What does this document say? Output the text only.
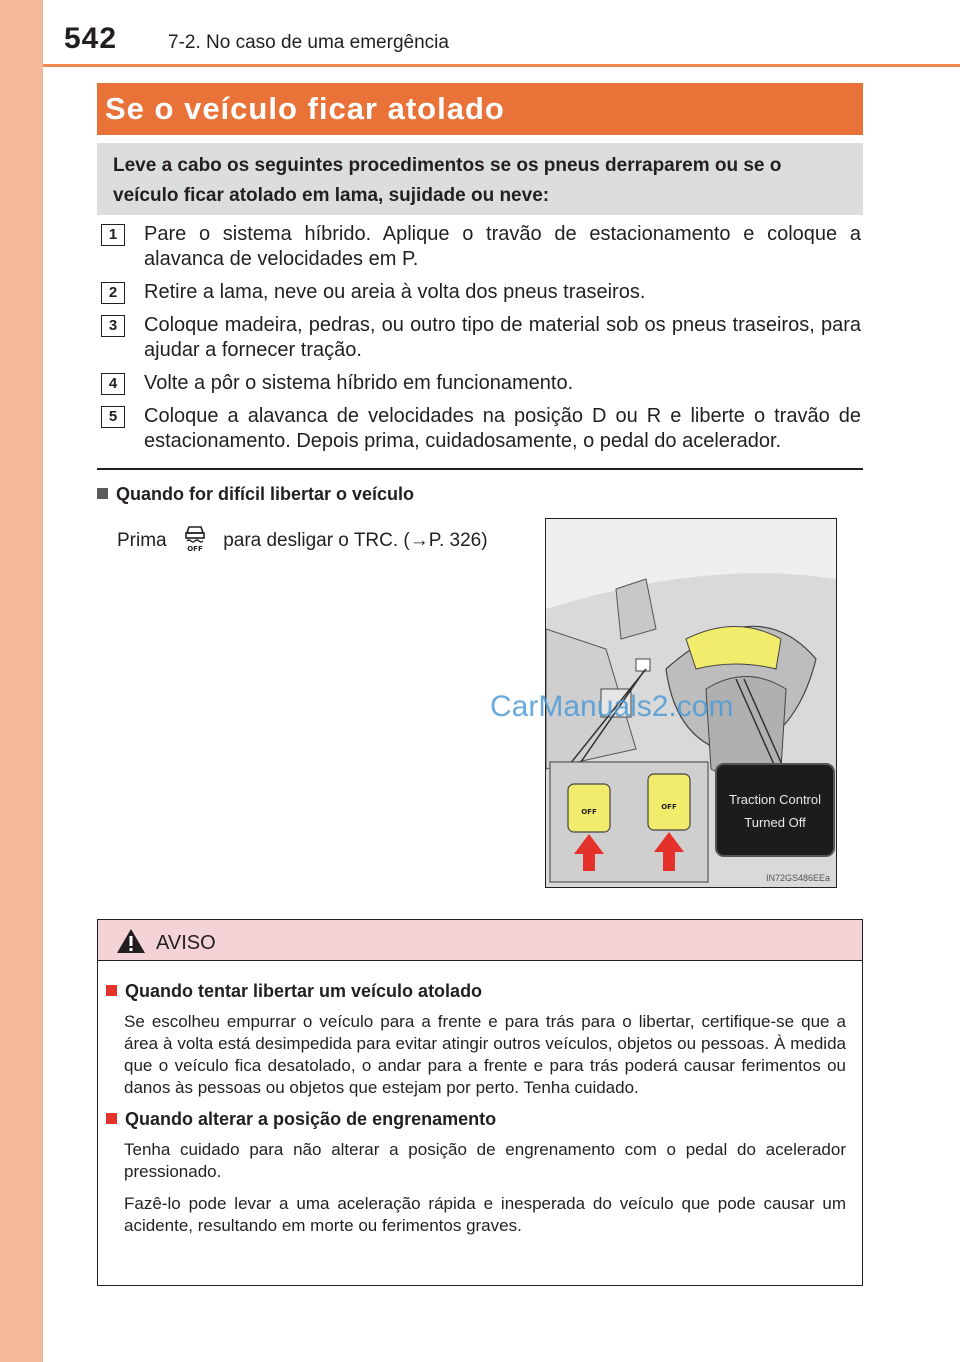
542	7-2. No caso de uma emergência
Se o veículo ficar atolado
Leve a cabo os seguintes procedimentos se os pneus derraparem ou se o veículo ficar atolado em lama, sujidade ou neve:
1	Pare o sistema híbrido. Aplique o travão de estacionamento e coloque a alavanca de velocidades em P.
2	Retire a lama, neve ou areia à volta dos pneus traseiros.
3	Coloque madeira, pedras, ou outro tipo de material sob os pneus traseiros, para ajudar a fornecer tração.
4	Volte a pôr o sistema híbrido em funcionamento.
5	Coloque a alavanca de velocidades na posição D ou R e liberte o travão de estacionamento. Depois prima, cuidadosamente, o pedal do acelerador.
Quando for difícil libertar o veículo
Prima	OFF para desligar o TRC. (→P. 326)
OFF
OFF	Traction Control
Turned Off
IN72GS486EEa
CarManuals2.com
AVISO
Quando tentar libertar um veículo atolado
Se escolheu empurrar o veículo para a frente e para trás para o libertar, certifique-se que a área à volta está desimpedida para evitar atingir outros veículos, objetos ou pessoas. À medida que o veículo fica desatolado, o andar para a frente e para trás poderá causar ferimentos ou danos às pessoas ou objetos que estejam por perto. Tenha cuidado.
Quando alterar a posição de engrenamento
Tenha cuidado para não alterar a posição de engrenamento com o pedal do acelerador pressionado.
Fazê-lo pode levar a uma aceleração rápida e inesperada do veículo que pode causar um acidente, resultando em morte ou ferimentos graves.
